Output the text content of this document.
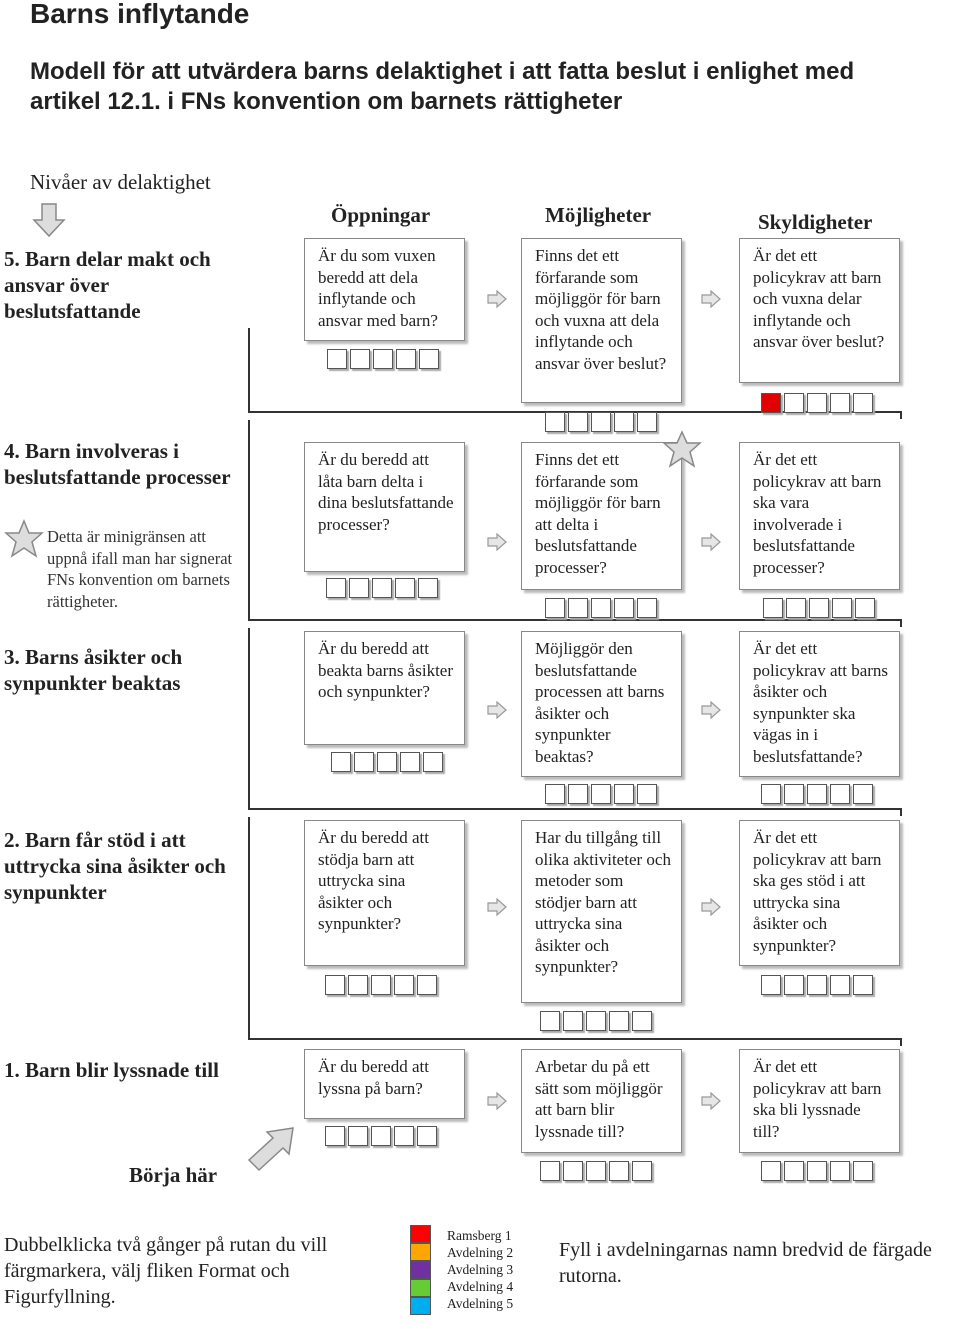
Barns inflytande
Modell för att utvärdera barns delaktighet i att fatta beslut i enlighet med artikel 12.1. i FNs konvention om barnets rättigheter
Nivåer av delaktighet
Öppningar	Möjligheter	Skyldigheter
5. Barn delar makt och ansvar över beslutsfattande
4. Barn involveras i beslutsfattande processer
3. Barns åsikter och synpunkter beaktas
2. Barn får stöd i att uttrycka sina åsikter och synpunkter
1. Barn blir lyssnade till
Detta är minigränsen att uppnå ifall man har signerat FNs konvention om barnets rättigheter.
Är du som vuxen beredd att dela inflytande och ansvar med barn?
Finns det ett förfarande som möjliggör för barn och vuxna att dela inflytande och ansvar över beslut?
Är det ett policykrav att barn och vuxna delar inflytande och ansvar över beslut?
Är du beredd att låta barn delta i dina beslutsfattande processer?
Finns det ett förfarande som möjliggör för barn att delta i beslutsfattande processer?
Är det ett policykrav att barn ska vara involverade i beslutsfattande processer?
Är du beredd att beakta barns åsikter och synpunkter?
Möjliggör den beslutsfattande processen att barns åsikter och synpunkter beaktas?
Är det ett policykrav att barns åsikter och synpunkter ska vägas in i beslutsfattande?
Är du beredd att stödja barn att uttrycka sina åsikter och synpunkter?
Har du tillgång till olika aktiviteter och metoder som stödjer barn att uttrycka sina åsikter och synpunkter?
Är det ett policykrav att barn ska ges stöd i att uttrycka sina åsikter och synpunkter?
Är du beredd att lyssna på barn?
Arbetar du på ett sätt som möjliggör att barn blir lyssnade till?
Är det ett policykrav att barn ska bli lyssnade till?
Börja här
Dubbelklicka två gånger på rutan du vill färgmarkera, välj fliken Format och Figurfyllning.
Ramsberg 1
Avdelning 2
Avdelning 3
Avdelning 4
Avdelning 5
Fyll i avdelningarnas namn bredvid de färgade rutorna.
